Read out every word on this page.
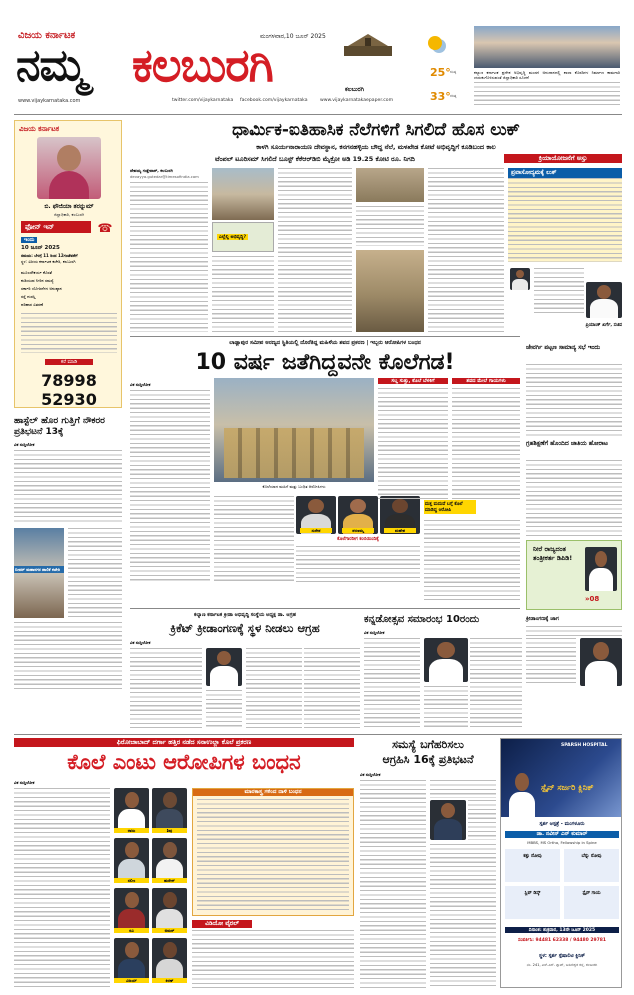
ವಿಜಯ ಕರ್ನಾಟಕ	ಮಂಗಳವಾರ,10 ಜೂನ್ 2025
ನಮ್ಮ ಕಲಬುರಗಿ	ಕಲಬುರಗಿ
www.vijaykarnataka.com	twitter.com/vijaykarnataka facebook.com/vijaykarnataka	www.vijaykarnatakaepaper.com
25° ಕನಿಷ್ಠ
33° ಗರಿಷ್ಠ
ಕಲ್ಯಾಣ ಕರ್ನಾಟಕ ಪ್ರದೇಶ ಅಭಿವೃದ್ಧಿ ಮಂಡಳಿ ಅನುದಾನದಲ್ಲಿ ಶಾಲಾ ಕೊಠಡಿಗಳ ನಿರ್ಮಾಣ ಕಾಮಗಾರಿ ಚುರುಕುಗೊಳಿಸುವಂತೆ ಜಿಲ್ಲಾಧಿಕಾರಿ ಸೂಚನೆ
ವಿಜಯ ಕರ್ನಾಟಕ
ಬಿ. ಫೌಜಿಯಾ ತರನ್ನುಮ್
ಜಿಲ್ಲಾಧಿಕಾರಿ, ಕಲಬುರಗಿ
ಫೋನ್ ಇನ್	☎
ಇಂದು
10 ಜೂನ್ 2025
ಸಮಯ: ಬೆಳಗ್ಗೆ 11 ರಿಂದ 12ಗಂಟೆವರೆಗೆ
ಸ್ಥಳ: ವಿಜಯ ಕರ್ನಾಟಕ ಕಚೇರಿ, ಕಲಬುರಗಿ
ಮೂಲಸೌಕರ್ಯ ಕೊರತೆ
ಕುಡಿಯುವ ನೀರಿನ ಸಮಸ್ಯೆ
ಸರ್ಕಾರಿ ಯೋಜನೆಗಳ ಅನುಷ್ಠಾನ
ರಸ್ತೆ ದುರಸ್ತಿ
ಪರಿಹಾರ ವಿತರಣೆ
ಕರೆ ಮಾಡಿ
78998 52930
ಹಾಸ್ಟೆಲ್ ಹೊರ ಗುತ್ತಿಗೆ ನೌಕರರ ಪ್ರತಿಭಟನೆ 13ಕ್ಕೆ
ವಿಕ ಸುದ್ದಿಲೋಕ
ಬೀದರ್ ಮಹಾನಗರ ಪಾಲಿಕೆ ಕಚೇರಿ
ಧಾರ್ಮಿಕ-ಐತಿಹಾಸಿಕ ನೆಲೆಗಳಿಗೆ ಸಿಗಲಿದೆ ಹೊಸ ಲುಕ್
ಕಾಳಗಿ ಸೂರ್ಯನಾರಾಯಣ ದೇವಸ್ಥಾನ, ಕನಗನಹಳ್ಳಿಯ ಬೌದ್ಧ ನೆಲೆ, ಮಳಖೇಡ ಕೋಟೆ ಅಭಿವೃದ್ಧಿಗೆ ಕೂಡಿಬಂದ ಕಾಲ
ಟೆಂಪಲ್ ಟೂರಿಸಮ್ ಸಿಗಲಿದೆ ಬೂಸ್ಟ್ ಕೆಕೆಆರ್‌ಡಿಬಿ ಮೈಕ್ರೋ ಅಡಿ 19.25 ಕೋಟಿ ರೂ. ನಿಗದಿ	ಕ್ರಿಯಾಯೋಜನೆಗೆ ಅಸ್ತು
ದೇವಯ್ಯ ಗುತ್ತೇದಾರ್, ಕಲಬುರಗಿ
devayya.gutedar@timesofindia.com
ಎಲ್ಲೆಲ್ಲಿ ಅಭಿವೃದ್ಧಿ?
ಪ್ರವಾಸೋದ್ಯಮಕ್ಕೆ ಲುಕ್
ಪ್ರಿಯಾಂಕ್ ಖರ್ಗೆ, ಸಚಿವ
ಲಾಡ್ಲಾಪುರ ಸಮೀಪ ಅರಣ್ಯದ ಸ್ಥಿತಿಯಲ್ಲಿ ದೊರೆತಿದ್ದ ಮಹಿಳೆಯ ಶವದ ಪ್ರಕರಣ | ಇಬ್ಬರು ಆರೋಪಿಗಳ ಬಂಧನ
10 ವರ್ಷ ಜತೆಗಿದ್ದವನೇ ಕೊಲೆಗಡ!
ವಿಕ ಸುದ್ದಿಲೋಕ
ಕೊಲೆಯಾದ ಮಹಿಳೆ ಮತ್ತು ಬಂಧಿತ ಆರೋಪಿಗಳು
ಸುರೇಶ	ಶರಣಮ್ಮ	ಮಹೇಶ
ಕೊಲೆಗಾರರೀಗ ಕಂಬಿಯಿಂದಿಕ್ಕೆ
ಸಲ್ಲ ಸುತ್ತು, ಕೊಲೆ ಬೆಳಕಿಗೆ	ಶವದ ಮೇಲೆ ಗಾಯಗಳು
ಮತ್ತ ಮದುವೆ ಬಗ್ಗೆ ಕೊಲೆ ಮಾಡಿದ್ದ ಆರೋಪಿ
ಜೇವರ್ಗಿ ಪಟ್ಟಣ ಸಾಮಾನ್ಯ ಸಭೆ ಇಂದು
ಗ್ರಹಶಿಕ್ಷಣೆಗೆ ಹೊಂದಿದ ಜಾತಿಯ ಹೋರಾಟ
ನೀರೆ ರಾಜ್ಯದಂತ ತಂತ್ರೀಕರ್ತ ಡಿಪಿಡಿ!
»08
ಕ್ರೀಡಾಂಗಣಕ್ಕೆ ಜಾಗ
ಕಲ್ಯಾಣ ಕರ್ನಾಟಕ ಕ್ರೀಡಾ ಅಭಿವೃದ್ಧಿ ಸಂಸ್ಥೆಯ ಅಧ್ಯಕ್ಷ ಡಾ. ಆಗ್ರಹ
ಕ್ರಿಕೆಟ್ ಕ್ರೀಡಾಂಗಣಕ್ಕೆ ಸ್ಥಳ ನೀಡಲು ಆಗ್ರಹ
ವಿಕ ಸುದ್ದಿಲೋಕ
ಕನ್ನಡೋತ್ಸವ ಸಮಾರಂಭ 10ರಂದು
ವಿಕ ಸುದ್ದಿಲೋಕ
ಫಿರೋಜಾಬಾದ್ ದರ್ಗಾ ಹತ್ತಿರ ನಡೆದ ಸನಾಉಲ್ಲಾ ಕೊಲೆ ಪ್ರಕರಣ
ಕೊಲೆ ಎಂಟು ಆರೋಪಿಗಳ ಬಂಧನ
ವಿಕ ಸುದ್ದಿಲೋಕ
ರಾಜು	ಶಿವು
ಸಲೀಂ	ಹುಸೇನ್
ರವಿ	ಅಮರ್
ವಿಜಯ್	ಕಿರಣ್
ಮಾರಕಾಸ್ತ್ರ ಗಳಿಂದ ದಾಳಿ ಬಂಧನ
ವಿಡಿಯೋ ವೈರಲ್
ಸಮಸ್ಯೆ ಬಗೆಹರಿಸಲು
ಆಗ್ರಹಿಸಿ 16ಕ್ಕೆ ಪ್ರತಿಭಟನೆ
ವಿಕ ಸುದ್ದಿಲೋಕ
SPARSH HOSPITAL
ಸ್ಪೈನ್ ಸರ್ಜರಿ ಕ್ಲಿನಿಕ್
ಸ್ಪರ್ಶ ಆಸ್ಪತ್ರೆ - ಮಂಗಳೂರು
ಡಾ. ನವೀನ್ ಎನ್ ಕುಮಾರ್
MBBS, MS Ortho, Fellowship in Spine
ಕತ್ತು ನೋವು	ಬೆನ್ನು ನೋವು
ಸ್ಲಿಪ್ ಡಿಸ್ಕ್	ಸ್ಪೈನ್ ಗಾಯ
ದಿನಾಂಕ: ಶುಕ್ರವಾರ, 13ನೇ ಜೂನ್ 2025
ಸಂಪರ್ಕಿಸಿ: 94481 62338 / 94480 29781
ಸ್ಥಳ: ಸ್ಪರ್ಶ ಸ್ಪೆಷಾಲಿಟಿ ಕ್ಲಿನಿಕ್
ನಂ. 241, ಎಸ್.ಎಸ್. ಫ್ಲಾಟ್, ಬಸವೇಶ್ವರ ರಸ್ತೆ, ಕಲಬುರಗಿ
